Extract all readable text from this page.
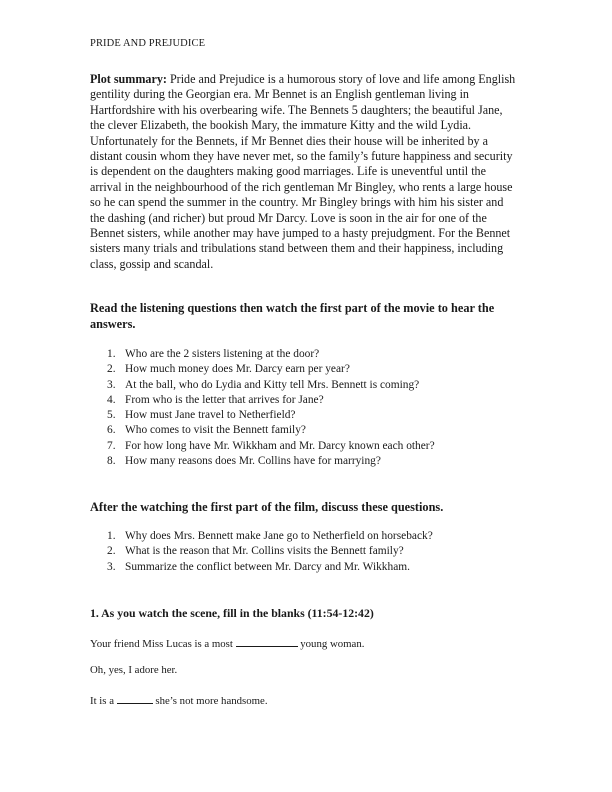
PRIDE AND PREJUDICE

Plot summary: Pride and Prejudice is a humorous story of love and life among English gentility during the Georgian era. Mr Bennet is an English gentleman living in Hartfordshire with his overbearing wife. The Bennets 5 daughters; the beautiful Jane, the clever Elizabeth, the bookish Mary, the immature Kitty and the wild Lydia. Unfortunately for the Bennets, if Mr Bennet dies their house will be inherited by a distant cousin whom they have never met, so the family’s future happiness and security is dependent on the daughters making good marriages. Life is uneventful until the arrival in the neighbourhood of the rich gentleman Mr Bingley, who rents a large house so he can spend the summer in the country. Mr Bingley brings with him his sister and the dashing (and richer) but proud Mr Darcy. Love is soon in the air for one of the Bennet sisters, while another may have jumped to a hasty prejudgment. For the Bennet sisters many trials and tribulations stand between them and their happiness, including class, gossip and scandal.

Read the listening questions then watch the first part of the movie to hear the answers.
1. Who are the 2 sisters listening at the door?
2. How much money does Mr. Darcy earn per year?
3. At the ball, who do Lydia and Kitty tell Mrs. Bennett is coming?
4. From who is the letter that arrives for Jane?
5. How must Jane travel to Netherfield?
6. Who comes to visit the Bennett family?
7. For how long have Mr. Wikkham and Mr. Darcy known each other?
8. How many reasons does Mr. Collins have for marrying?
After the watching the first part of the film, discuss these questions.
1. Why does Mrs. Bennett make Jane go to Netherfield on horseback?
2. What is the reason that Mr. Collins visits the Bennett family?
3. Summarize the conflict between Mr. Darcy and Mr. Wikkham.
1. As you watch the scene, fill in the blanks (11:54-12:42)
Your friend Miss Lucas is a most	young woman.
Oh, yes, I adore her.
It is a	she’s not more handsome.
